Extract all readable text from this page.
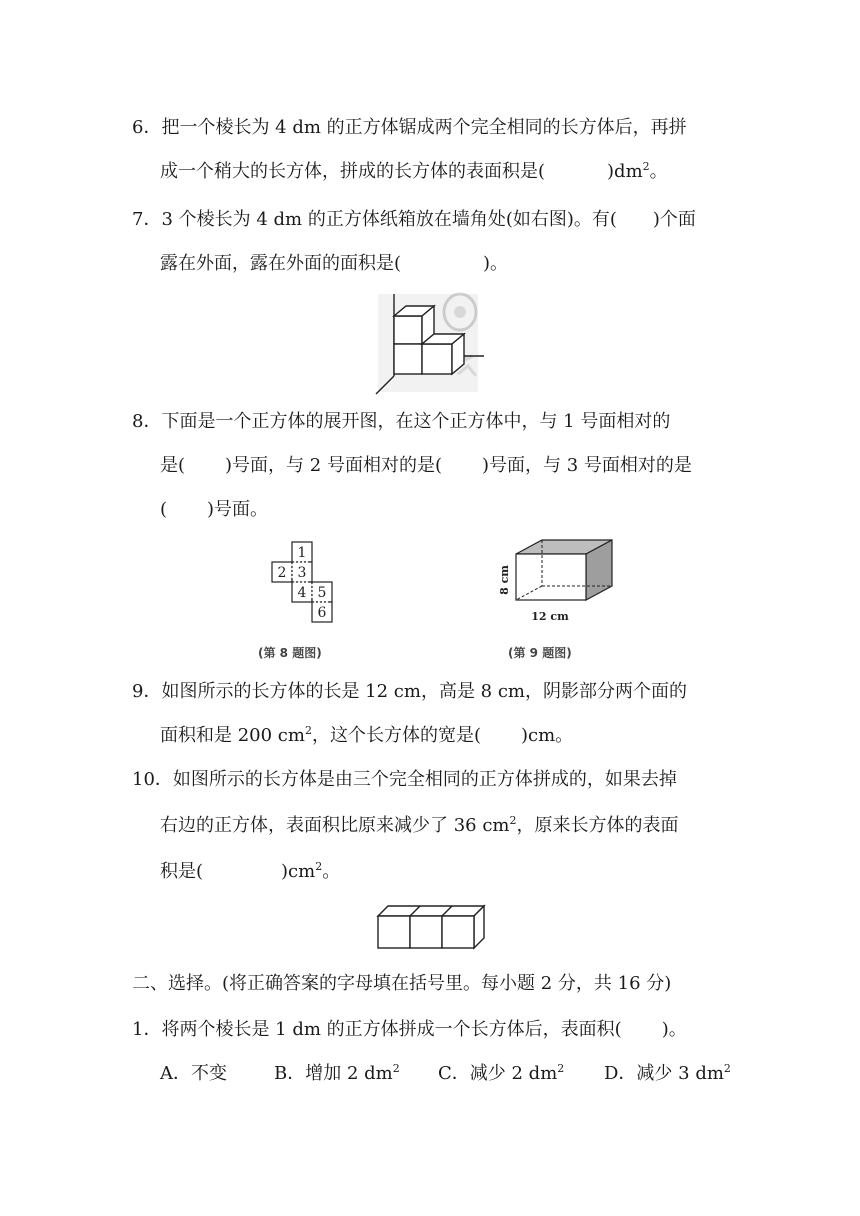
6．把一个棱长为 4 dm 的正方体锯成两个完全相同的长方体后，再拼
成一个稍大的长方体，拼成的长方体的表面积是(	)$dm^2$。
7．3 个棱长为 4 dm 的正方体纸箱放在墙角处(如右图)。有( )个面
露在外面，露在外面的面积是(	)。
8．下面是一个正方体的展开图，在这个正方体中，与 1 号面相对的
是( )号面，与 2 号面相对的是( )号面，与 3 号面相对的是
( )号面。
1
2 3
4 5
6
(第 8 题图)
8 cm
12 cm
(第 9 题图)
9．如图所示的长方体的长是 12 cm，高是 8 cm，阴影部分两个面的
面积和是 200 $cm^2$，这个长方体的宽是( )cm。
10．如图所示的长方体是由三个完全相同的正方体拼成的，如果去掉
右边的正方体，表面积比原来减少了 36 $cm^2$，原来长方体的表面
积是(	)$cm^2$。
二、选择。(将正确答案的字母填在括号里。每小题 2 分，共 16 分)
1．将两个棱长是 1 dm 的正方体拼成一个长方体后，表面积( )。
A．不变	B．增加 2 $dm^2$ C．减少 2 $dm^2$ D．减少 3 $dm^2$
